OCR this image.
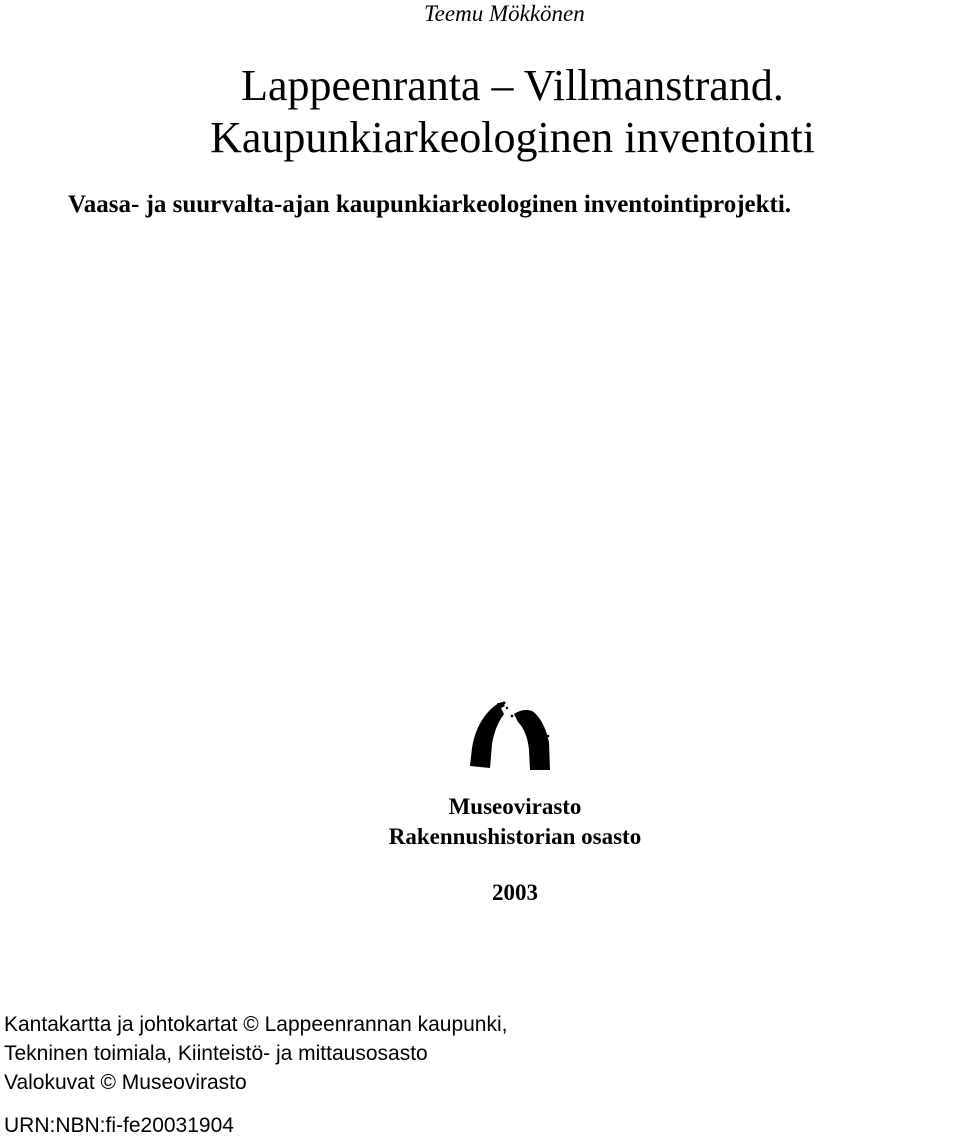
Teemu Mökkönen
Lappeenranta – Villmanstrand.
Kaupunkiarkeologinen inventointi
Vaasa- ja suurvalta-ajan kaupunkiarkeologinen inventointiprojekti.
Museovirasto
Rakennushistorian osasto
2003
Kantakartta ja johtokartat © Lappeenrannan kaupunki,
Tekninen toimiala, Kiinteistö- ja mittausosasto
Valokuvat © Museovirasto
URN:NBN:fi-fe20031904
